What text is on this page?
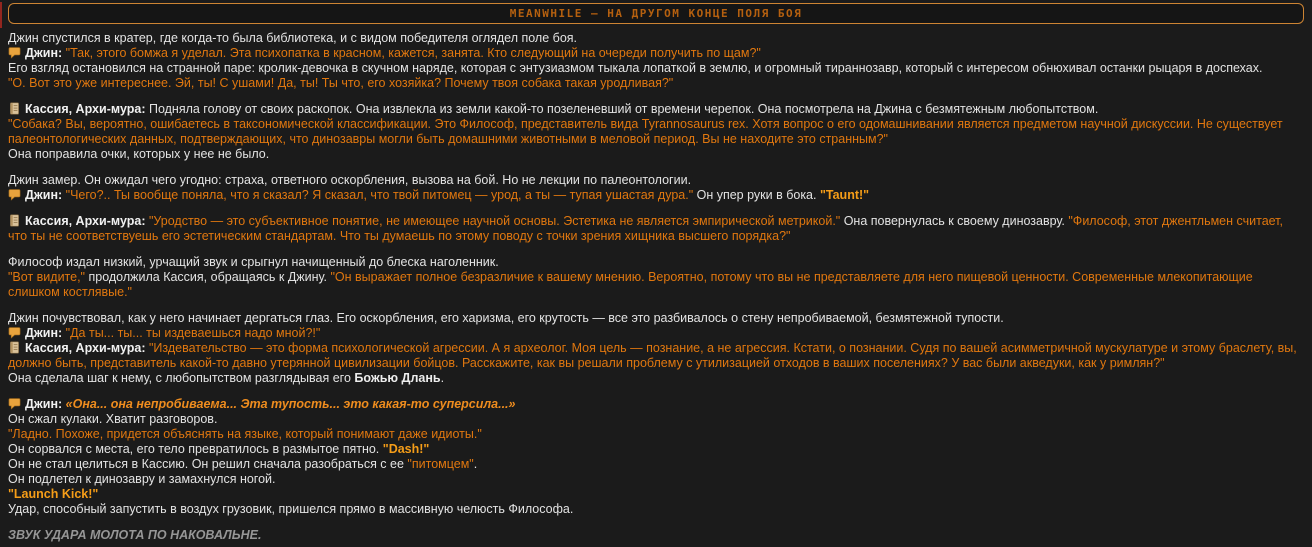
MEANWHILE — НА ДРУГОМ КОНЦЕ ПОЛЯ БОЯ

Джин спустился в кратер, где когда-то была библиотека, и с видом победителя оглядел поле боя.

Джин: "Так, этого бомжа я уделал. Эта психопатка в красном, кажется, занята. Кто следующий на очереди получить по щам?"

Его взгляд остановился на странной паре: кролик-девочка в скучном наряде, которая с энтузиазмом тыкала лопаткой в землю, и огромный тираннозавр, который с интересом обнюхивал останки рыцаря в доспехах.

"О. Вот это уже интереснее. Эй, ты! С ушами! Да, ты! Ты что, его хозяйка? Почему твоя собака такая уродливая?"

Кассия, Архи-мура: Подняла голову от своих раскопок. Она извлекла из земли какой-то позеленевший от времени черепок. Она посмотрела на Джина с безмятежным любопытством.

"Собака? Вы, вероятно, ошибаетесь в таксономической классификации. Это Философ, представитель вида Tyrannosaurus rex. Хотя вопрос о его одомашнивании является предметом научной дискуссии. Не существует палеонтологических данных, подтверждающих, что динозавры могли быть домашними животными в меловой период. Вы не находите это странным?"

Она поправила очки, которых у нее не было.

Джин замер. Он ожидал чего угодно: страха, ответного оскорбления, вызова на бой. Но не лекции по палеонтологии.

Джин: "Чего?.. Ты вообще поняла, что я сказал? Я сказал, что твой питомец — урод, а ты — тупая ушастая дура." Он упер руки в бока. "Taunt!"

Кассия, Архи-мура: "Уродство — это субъективное понятие, не имеющее научной основы. Эстетика не является эмпирической метрикой." Она повернулась к своему динозавру. "Философ, этот джентльмен считает, что ты не соответствуешь его эстетическим стандартам. Что ты думаешь по этому поводу с точки зрения хищника высшего порядка?"

Философ издал низкий, урчащий звук и срыгнул начищенный до блеска наголенник.

"Вот видите," продолжила Кассия, обращаясь к Джину. "Он выражает полное безразличие к вашему мнению. Вероятно, потому что вы не представляете для него пищевой ценности. Современные млекопитающие слишком костлявые."

Джин почувствовал, как у него начинает дергаться глаз. Его оскорбления, его харизма, его крутость — все это разбивалось о стену непробиваемой, безмятежной тупости.

Джин: "Да ты... ты... ты издеваешься надо мной?!"

Кассия, Архи-мура: "Издевательство — это форма психологической агрессии. А я археолог. Моя цель — познание, а не агрессия. Кстати, о познании. Судя по вашей асимметричной мускулатуре и этому браслету, вы, должно быть, представитель какой-то давно утерянной цивилизации бойцов. Расскажите, как вы решали проблему с утилизацией отходов в ваших поселениях? У вас были акведуки, как у римлян?"

Она сделала шаг к нему, с любопытством разглядывая его Божью Длань.

Джин: «Она... она непробиваема... Эта тупость... это какая-то суперсила...»

Он сжал кулаки. Хватит разговоров.

"Ладно. Похоже, придется объяснять на языке, который понимают даже идиоты."

Он сорвался с места, его тело превратилось в размытое пятно. "Dash!"

Он не стал целиться в Кассию. Он решил сначала разобраться с ее "питомцем".

Он подлетел к динозавру и замахнулся ногой.

"Launch Kick!"

Удар, способный запустить в воздух грузовик, пришелся прямо в массивную челюсть Философа.

ЗВУК УДАРА МОЛОТА ПО НАКОВАЛЬНЕ.
